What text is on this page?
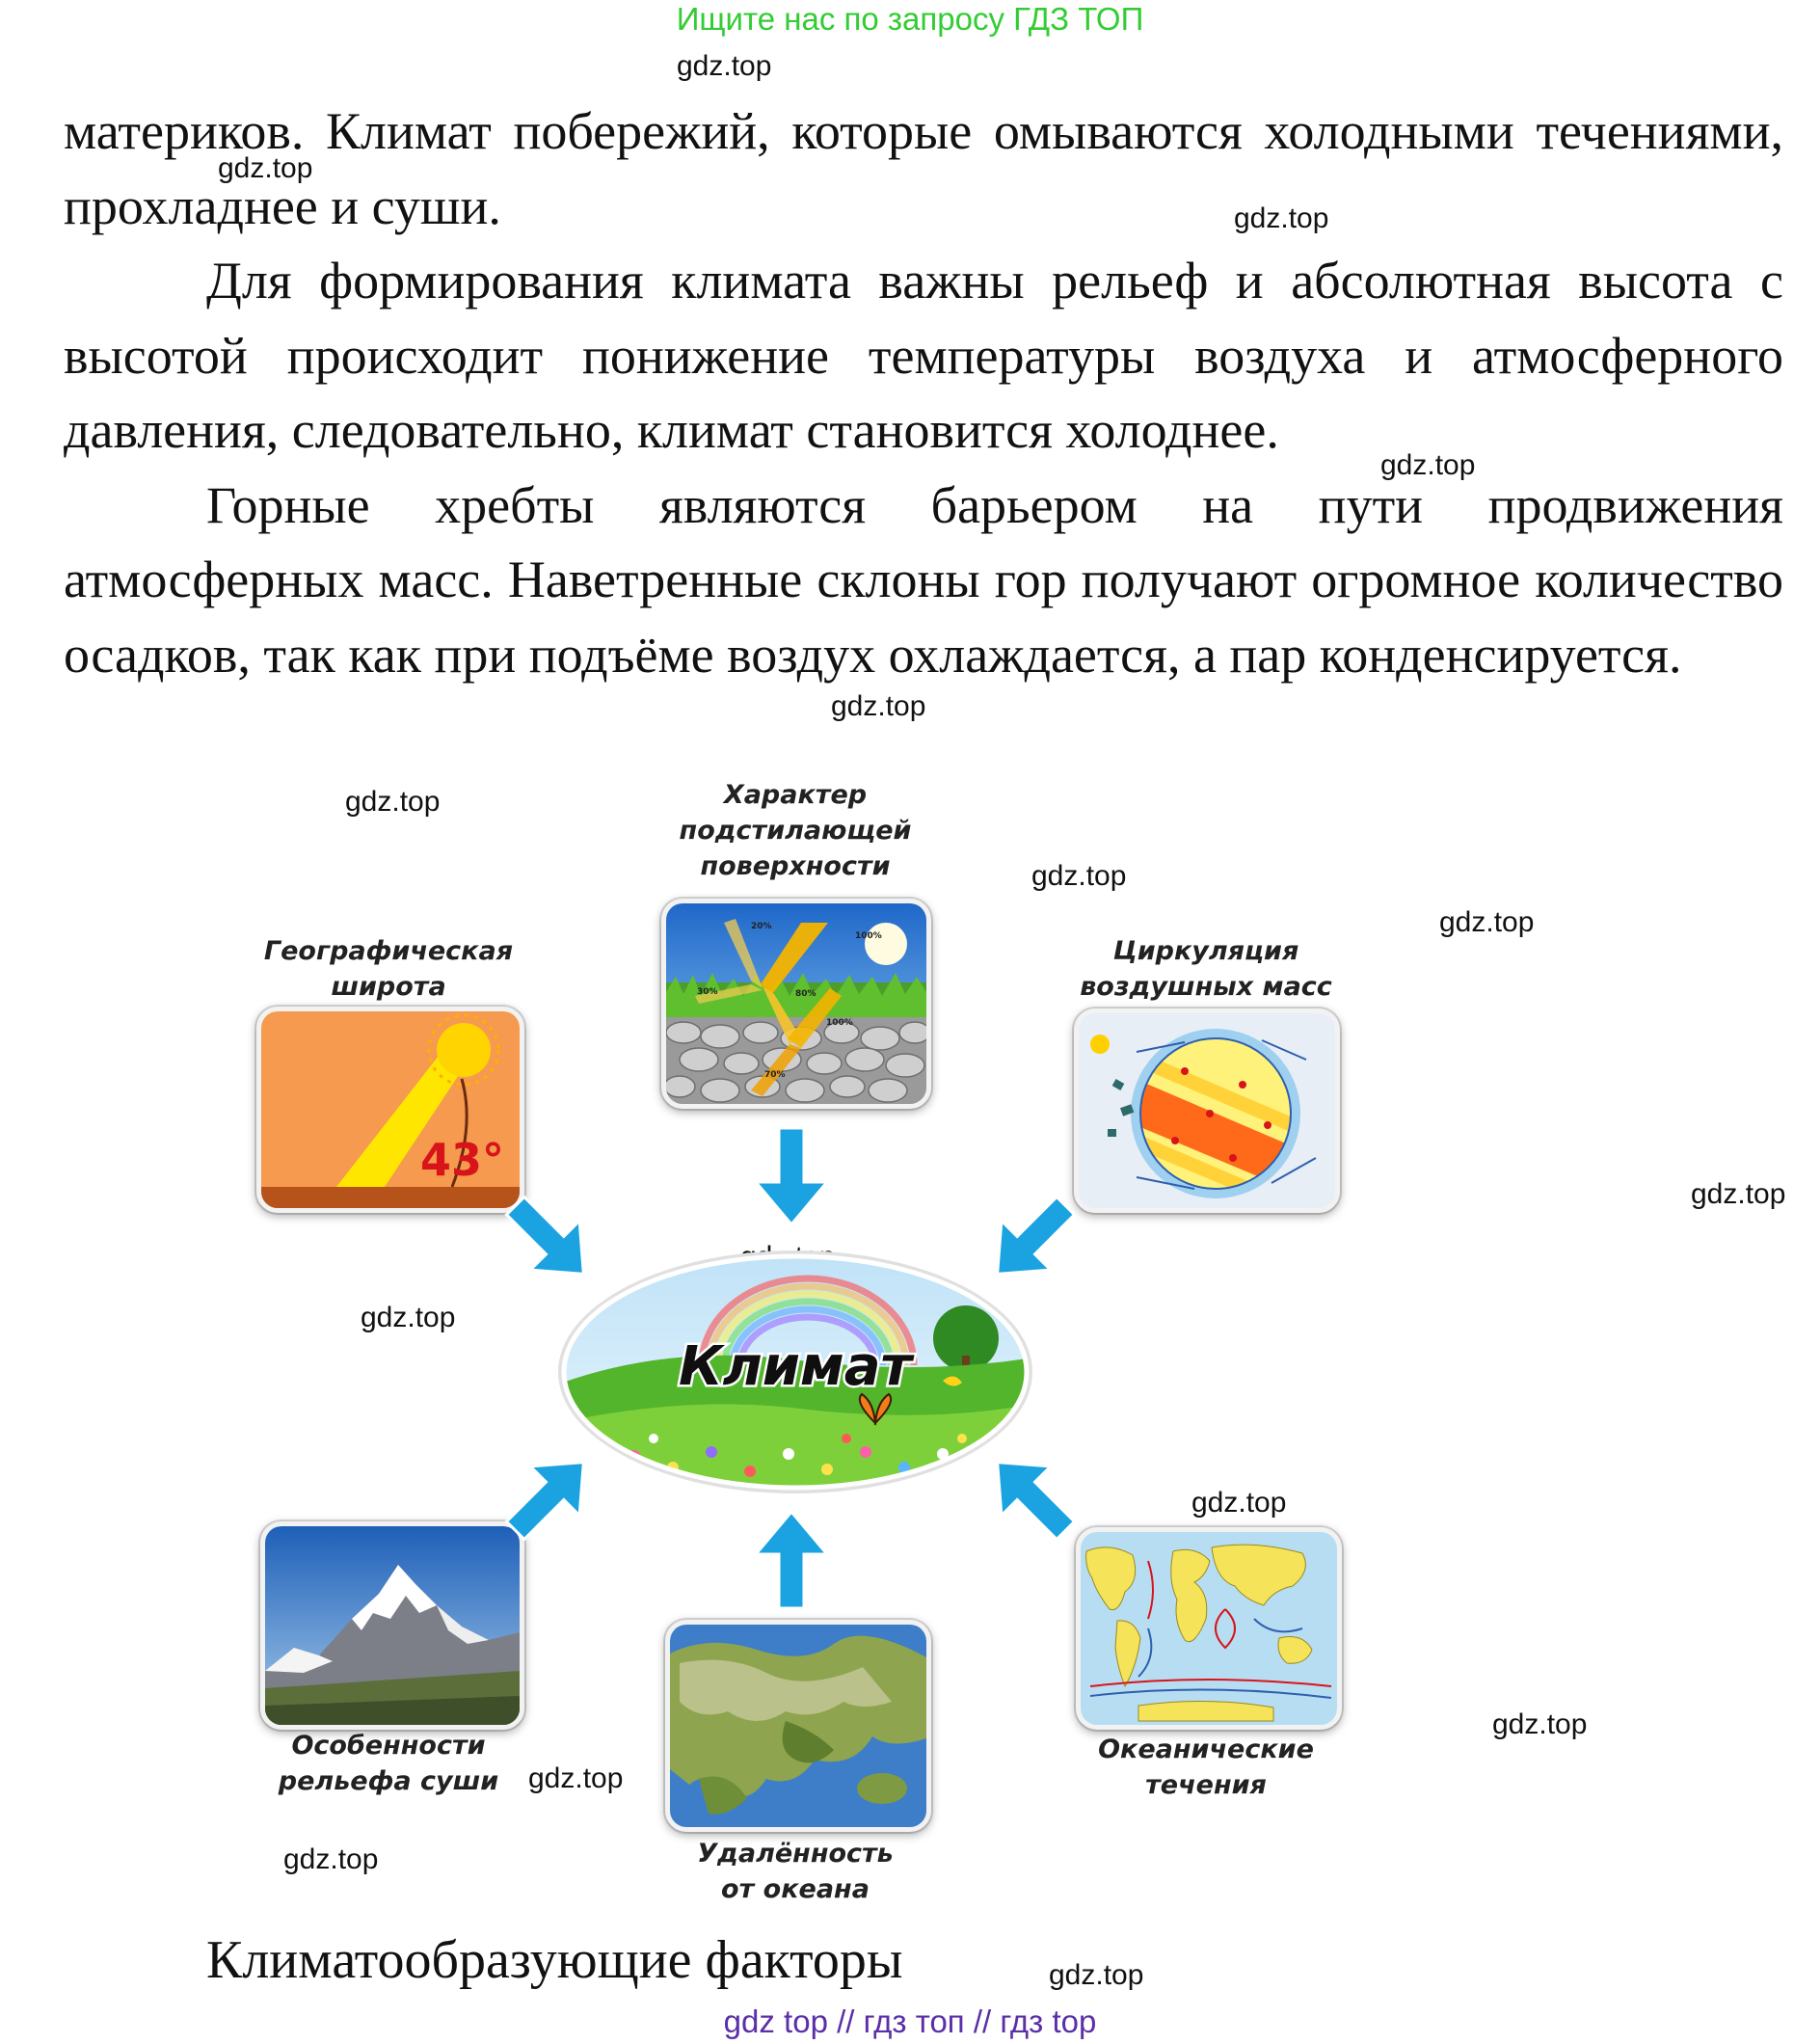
Ищите нас по запросу ГДЗ ТОП
gdz.top
gdz.top
gdz.top
gdz.top
gdz.top
gdz.top
gdz.top
gdz.top
gdz.top
gdz.top
gdz.top
gdz.top
gdz.top
gdz.top
gdz.top

материков. Климат побережий, которые омываются холодными течениями, прохладнее и суши.

Для формирования климата важны рельеф и абсолютная высота с высотой происходит понижение температуры воздуха и атмосферного давления, следовательно, климат становится холоднее.

Горные хребты являются барьером на пути продвижения атмосферных масс. Наветренные склоны гор получают огромное количество осадков, так как при подъёме воздух охлаждается, а пар конденсируется.

Характер
подстилающей
поверхности
Географическая
широта
Циркуляция
воздушных масс
Особенности
рельефа суши
Удалённость
от океана
Океанические
течения
43°
20%
100%
30%	80%
100%
70%
Климат
Климатообразующие факторы
gdz top // гдз топ // гдз top
